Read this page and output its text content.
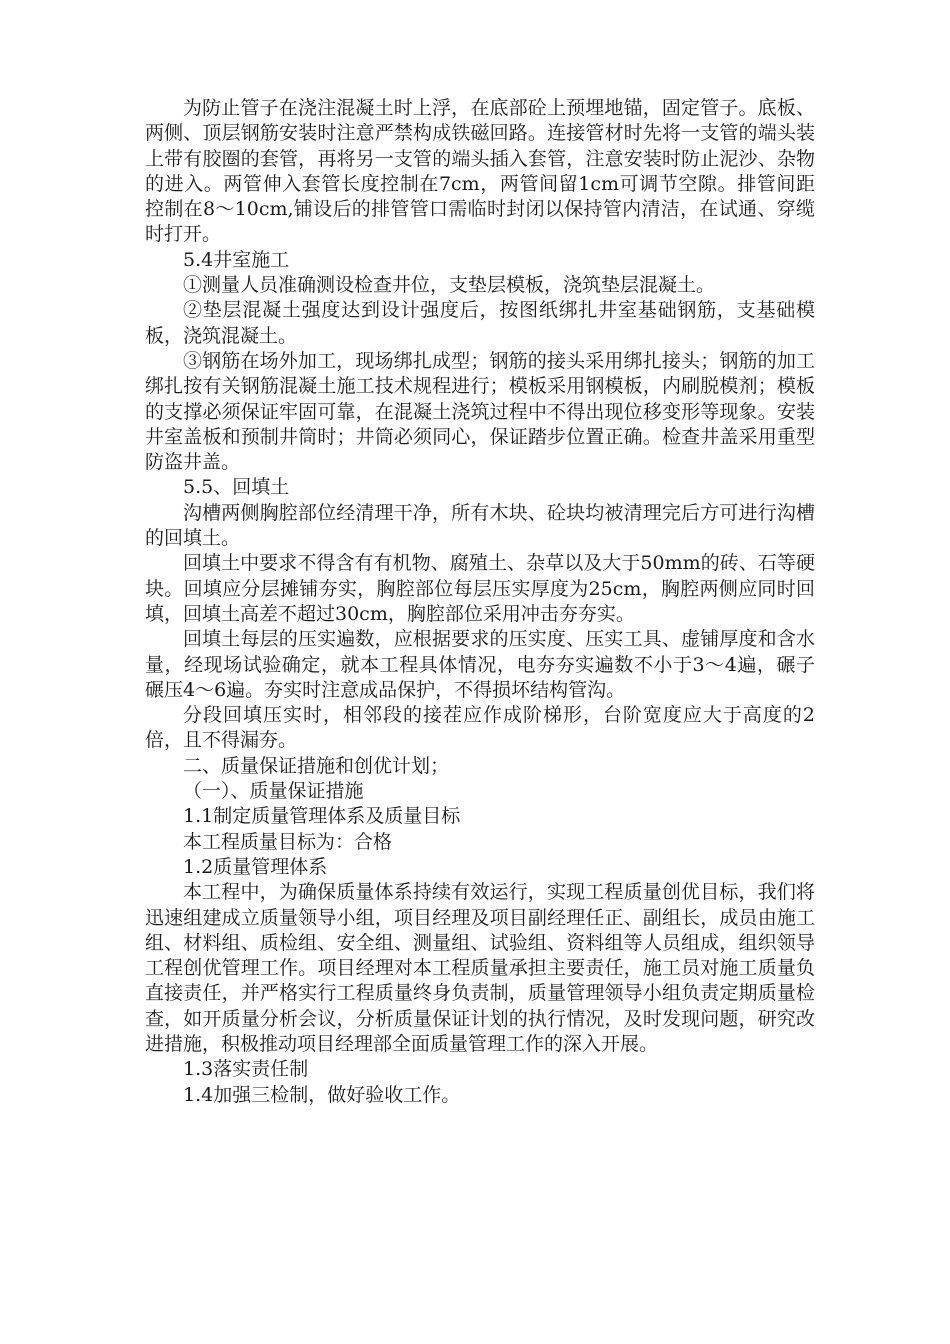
为防止管子在浇注混凝土时上浮，在底部砼上预埋地锚，固定管子。底板、两侧、顶层钢筋安装时注意严禁构成铁磁回路。连接管材时先将一支管的端头装上带有胶圈的套管，再将另一支管的端头插入套管，注意安装时防止泥沙、杂物的进入。两管伸入套管长度控制在7cm，两管间留1cm可调节空隙。排管间距控制在8～10cm,铺设后的排管管口需临时封闭以保持管内清洁，在试通、穿缆时打开。

5.4井室施工

①测量人员准确测设检查井位，支垫层模板，浇筑垫层混凝土。

②垫层混凝土强度达到设计强度后，按图纸绑扎井室基础钢筋，支基础模板，浇筑混凝土。

③钢筋在场外加工，现场绑扎成型；钢筋的接头采用绑扎接头；钢筋的加工绑扎按有关钢筋混凝土施工技术规程进行；模板采用钢模板，内刷脱模剂；模板的支撑必须保证牢固可靠，在混凝土浇筑过程中不得出现位移变形等现象。安装井室盖板和预制井筒时；井筒必须同心，保证踏步位置正确。检查井盖采用重型防盗井盖。

5.5、回填土

沟槽两侧胸腔部位经清理干净，所有木块、砼块均被清理完后方可进行沟槽的回填土。

回填土中要求不得含有有机物、腐殖土、杂草以及大于50mm的砖、石等硬块。回填应分层摊铺夯实，胸腔部位每层压实厚度为25cm，胸腔两侧应同时回填，回填土高差不超过30cm，胸腔部位采用冲击夯夯实。

回填土每层的压实遍数，应根据要求的压实度、压实工具、虚铺厚度和含水量，经现场试验确定，就本工程具体情况，电夯夯实遍数不小于3～4遍，碾子碾压4～6遍。夯实时注意成品保护，不得损坏结构管沟。

分段回填压实时，相邻段的接茬应作成阶梯形，台阶宽度应大于高度的2倍，且不得漏夯。

二、质量保证措施和创优计划；

（一）、质量保证措施

1.1制定质量管理体系及质量目标

本工程质量目标为：合格

1.2质量管理体系

本工程中，为确保质量体系持续有效运行，实现工程质量创优目标，我们将迅速组建成立质量领导小组，项目经理及项目副经理任正、副组长，成员由施工组、材料组、质检组、安全组、测量组、试验组、资料组等人员组成，组织领导工程创优管理工作。项目经理对本工程质量承担主要责任，施工员对施工质量负直接责任，并严格实行工程质量终身负责制，质量管理领导小组负责定期质量检查，如开质量分析会议，分析质量保证计划的执行情况，及时发现问题，研究改进措施，积极推动项目经理部全面质量管理工作的深入开展。

1.3落实责任制

1.4加强三检制，做好验收工作。
